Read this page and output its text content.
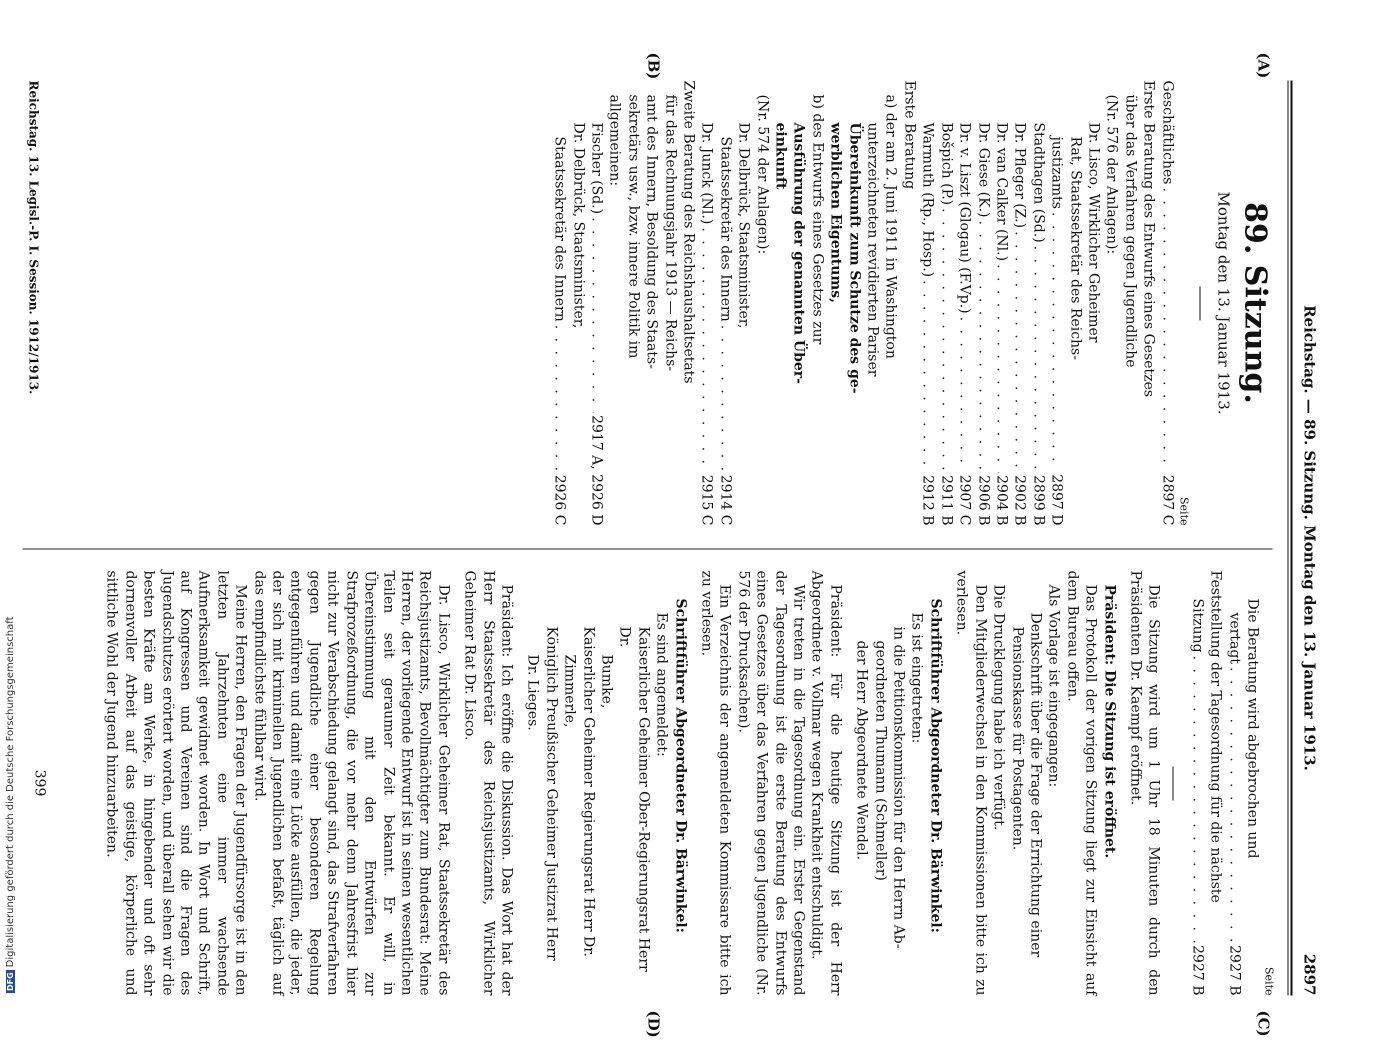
Reichstag. — 89. Sitzung. Montag den 13. Januar 1913.
2897
(A)
(B)
(C)
(D)
89. Sitzung.
Montag den 13. Januar 1913.
Seite
Geschäftliches
. . .
2897 C
Erste Beratung des Entwurfs eines Gesetzes
über das Verfahren gegen Jugendliche
(Nr. 576 der Anlagen):
Dr. Lisco, Wirklicher Geheimer
Rat, Staatssekretär des Reichs-
justizamts
. . .
2897 D
Stadthagen (Sd.)
. . .
2899 B
Dr. Pfleger (Z.)
. . .
2902 B
Dr. van Calker (Nl.)
. . .
2904 B
Dr. Giese (K.)
. . .
2906 B
Dr. v. Liszt (Glogau) (F.Vp.)
. . .
2907 C
Bošpich (P.)
. . .
2911 B
Warmuth (Rp., Hosp.)
. . .
2912 B
Erste Beratung
a) der am 2. Juni 1911 in Washington
unterzeichneten revidierten Pariser
Übereinkunft zum Schutze des ge-
werblichen Eigentums,
b) des Entwurfs eines Gesetzes zur
Ausführung der genannten Über-
einkunft
(Nr. 574 der Anlagen):
Dr. Delbrück, Staatsminister,
Staatssekretär des Innern
. . .
2914 C
Dr. Junck (Nl.)
. . .
2915 C
Zweite Beratung des Reichshaushaltsetats
für das Rechnungsjahr 1913 — Reichs-
amt des Innern, Besoldung des Staats-
sekretärs usw., bzw. innere Politik im
allgemeinen:
Fischer (Sd.)
. . .
2917 A, 2926 D
Dr. Delbrück, Staatsminister,
Staatssekretär des Innern
. . .
2926 C
Reichstag. 13. Legisl.-P. I. Session. 1912/1913.
Seite
Die Beratung wird abgebrochen und
vertagt
. . .
2927 B
Feststellung der Tagesordnung für die nächste
Sitzung
. . .
2927 B

Die Sitzung wird um 1 Uhr 18 Minuten durch den Präsidenten Dr. Kaempf eröffnet.

Präsident: Die Sitzung ist eröffnet.

Das Protokoll der vorigen Sitzung liegt zur Einsicht auf dem Bureau offen.

Als Vorlage ist eingegangen:
Denkschrift über die Frage der Errichtung einer
Pensionskasse für Postagenten.

Die Drucklegung habe ich verfügt.

Den Mitgliederwechsel in den Kommissionen bitte ich zu verlesen.

Schriftführer Abgeordneter Dr. Bärwinkel:
Es ist eingetreten:
in die Petitionskommission für den Herrn Ab-
geordneten Thumann (Schmeller)
der Herr Abgeordnete Wendel.

Präsident: Für die heutige Sitzung ist der Herr Abgeordnete v. Vollmar wegen Krankheit entschuldigt.

Wir treten in die Tagesordnung ein. Erster Gegenstand der Tagesordnung ist die erste Beratung des Entwurfs eines Gesetzes über das Verfahren gegen Jugendliche (Nr. 576 der Drucksachen).

Ein Verzeichnis der angemeldeten Kommissare bitte ich zu verlesen.

Schriftführer Abgeordneter Dr. Bärwinkel:
Es sind angemeldet:
Kaiserlicher Geheimer Ober-Regierungsrat Herr Dr.
Bumke,
Kaiserlicher Geheimer Regierungsrat Herr Dr.
Zimmerle,
Königlich Preußischer Geheimer Justizrat Herr
Dr. Lieges.

Präsident: Ich eröffne die Diskussion. Das Wort hat der Herr Staatssekretär des Reichsjustizamts, Wirklicher Geheimer Rat Dr. Lisco.

Dr. Lisco, Wirklicher Geheimer Rat, Staatssekretär des Reichsjustizamts, Bevollmächtigter zum Bundesrat: Meine Herren, der vorliegende Entwurf ist in seinen wesentlichen Teilen seit geraumer Zeit bekannt. Er will, in Übereinstimmung mit den Entwürfen zur Strafprozeßordnung, die vor mehr denn Jahresfrist hier nicht zur Verabschiedung gelangt sind, das Strafverfahren gegen Jugendliche einer besonderen Regelung entgegenführen und damit eine Lücke ausfüllen, die jeder, der sich mit kriminellen Jugendlichen befaßt, täglich auf das empfindlichste fühlbar wird.

Meine Herren, den Fragen der Jugendfürsorge ist in den letzten Jahrzehnten eine immer wachsende Aufmerksamkeit gewidmet worden. In Wort und Schrift, auf Kongressen und Vereinen sind die Fragen des Jugendschutzes erörtert worden, und überall sehen wir die besten Kräfte am Werke, in hingebender und oft sehr dornenvoller Arbeit auf das geistige, körperliche und sittliche Wohl der Jugend hinzuarbeiten.

399
DFGDigitalisierung gefördert durch die Deutsche Forschungsgemeinschaft
